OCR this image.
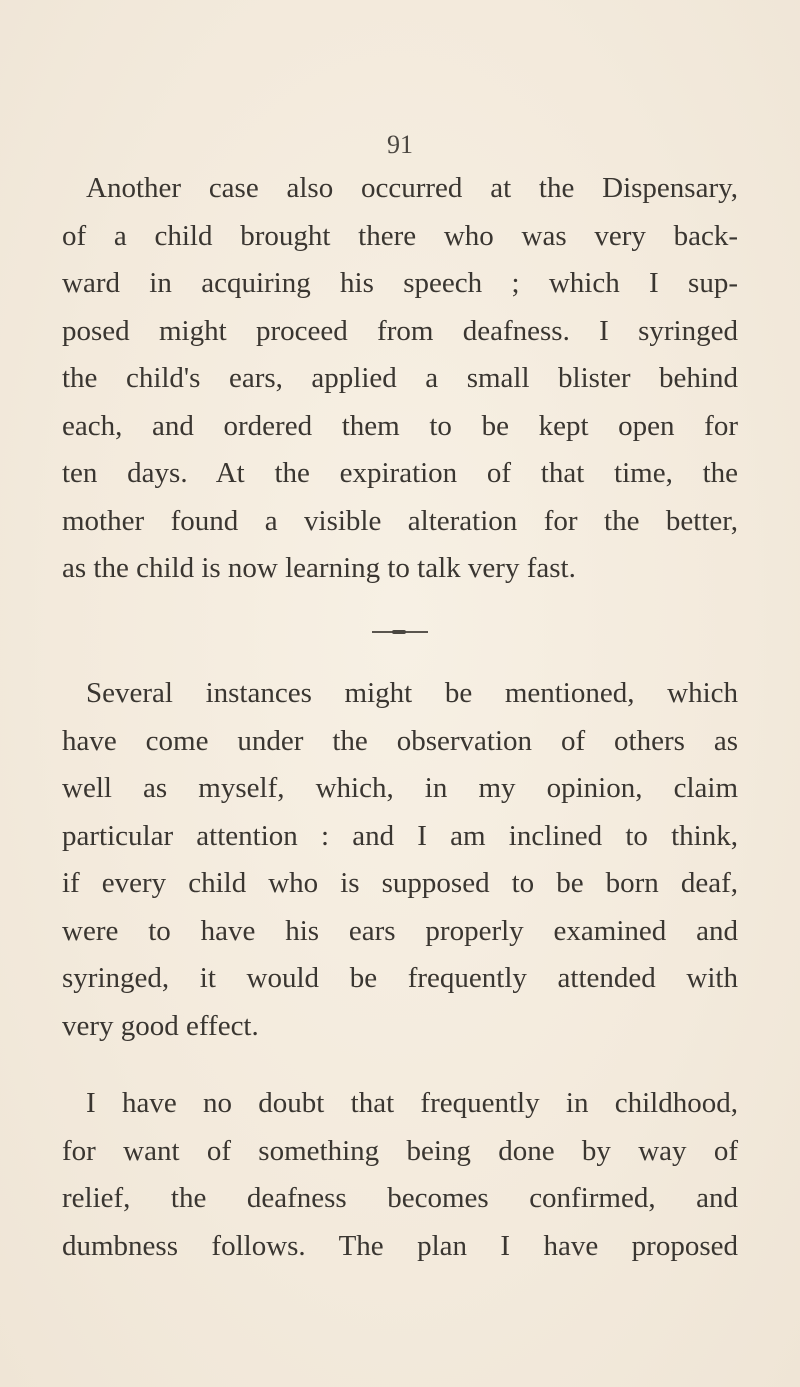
91
Another case also occurred at the Dispensary,
of a child brought there who was very back-
ward in acquiring his speech ; which I sup-
posed might proceed from deafness. I syringed
the child's ears, applied a small blister behind
each, and ordered them to be kept open for
ten days. At the expiration of that time, the
mother found a visible alteration for the better,
as the child is now learning to talk very fast.
Several instances might be mentioned, which
have come under the observation of others as
well as myself, which, in my opinion, claim
particular attention : and I am inclined to think,
if every child who is supposed to be born deaf,
were to have his ears properly examined and
syringed, it would be frequently attended with
very good effect.
I have no doubt that frequently in childhood,
for want of something being done by way of
relief, the deafness becomes confirmed, and
dumbness follows. The plan I have proposed
